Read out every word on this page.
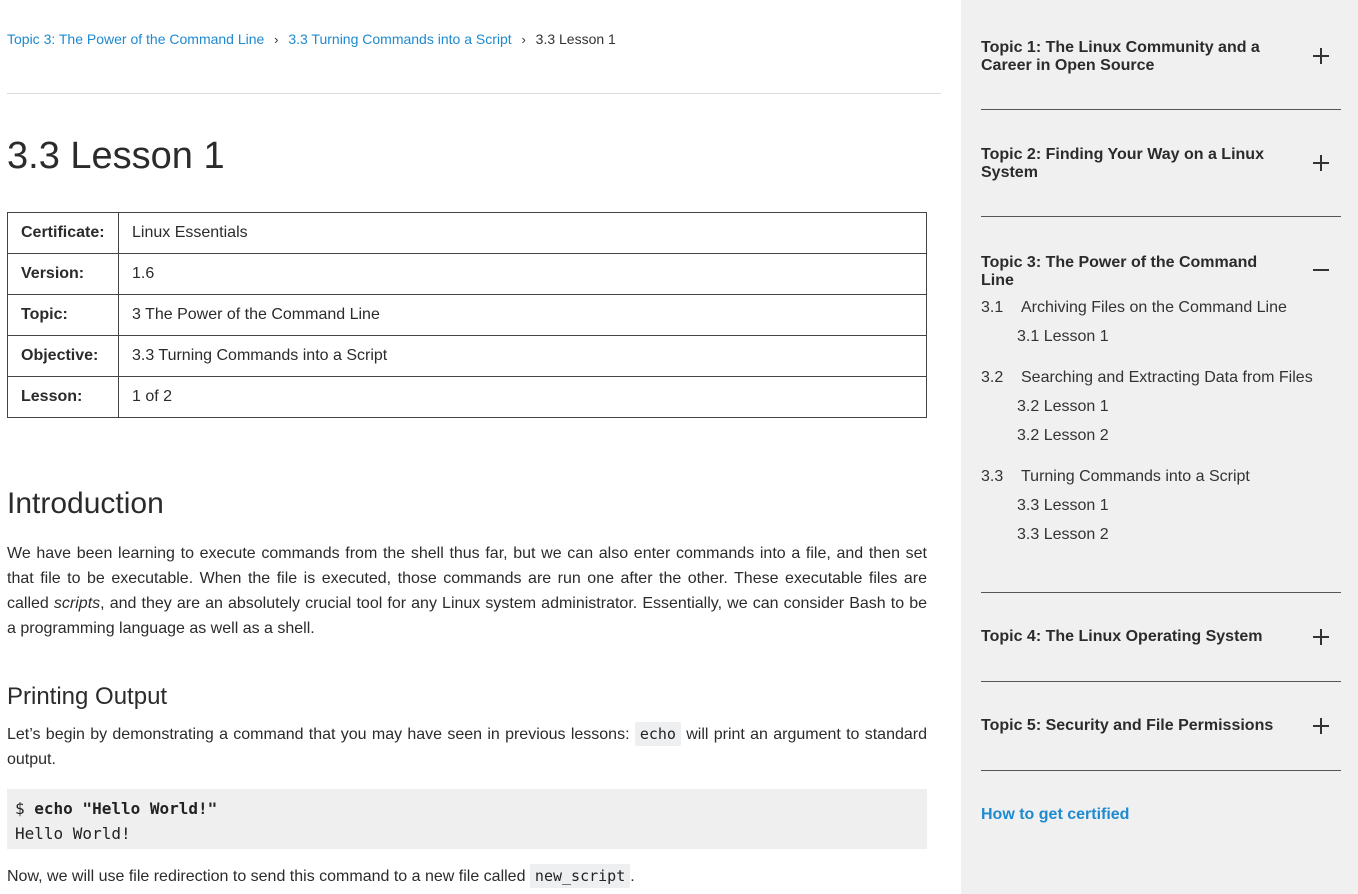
Topic 3: The Power of the Command Line › 3.3 Turning Commands into a Script › 3.3 Lesson 1
3.3 Lesson 1
Certificate:	Linux Essentials
Version:	1.6
Topic:	3 The Power of the Command Line
Objective:	3.3 Turning Commands into a Script
Lesson:	1 of 2
Introduction

We have been learning to execute commands from the shell thus far, but we can also enter commands into a file, and then set that file to be executable. When the file is executed, those commands are run one after the other. These executable files are called scripts, and they are an absolutely crucial tool for any Linux system administrator. Essentially, we can consider Bash to be a programming language as well as a shell.

Printing Output

Let’s begin by demonstrating a command that you may have seen in previous lessons: echo will print an argument to standard output.

$ echo "Hello World!"
Hello World!

Now, we will use file redirection to send this command to a new file called new_script .

Topic 1: The Linux Community and a Career in Open Source
Topic 2: Finding Your Way on a Linux System
Topic 3: The Power of the Command Line
3.1 Archiving Files on the Command Line
3.1 Lesson 1
3.2 Searching and Extracting Data from Files
3.2 Lesson 1
3.2 Lesson 2
3.3 Turning Commands into a Script
3.3 Lesson 1
3.3 Lesson 2
Topic 4: The Linux Operating System
Topic 5: Security and File Permissions
How to get certified
